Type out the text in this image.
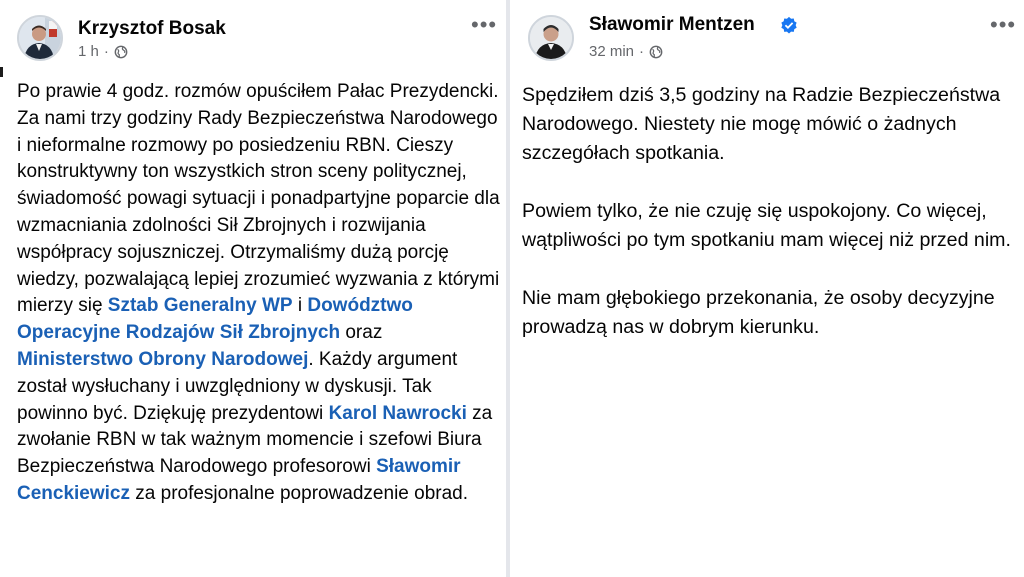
Krzysztof Bosak
1 h ·
•••
Po prawie 4 godz. rozmów opuściłem Pałac Prezydencki. Za nami trzy godziny Rady Bezpieczeństwa Narodowego i nieformalne rozmowy po posiedzeniu RBN. Cieszy konstruktywny ton wszystkich stron sceny politycznej, świadomość powagi sytuacji i ponadpartyjne poparcie dla wzmacniania zdolności Sił Zbrojnych i rozwijania współpracy sojuszniczej. Otrzymaliśmy dużą porcję wiedzy, pozwalającą lepiej zrozumieć wyzwania z którymi mierzy się Sztab Generalny WP i Dowództwo Operacyjne Rodzajów Sił Zbrojnych oraz Ministerstwo Obrony Narodowej. Każdy argument został wysłuchany i uwzględniony w dyskusji. Tak powinno być. Dziękuję prezydentowi Karol Nawrocki za zwołanie RBN w tak ważnym momencie i szefowi Biura Bezpieczeństwa Narodowego profesorowi Sławomir Cenckiewicz za profesjonalne poprowadzenie obrad.
Sławomir Mentzen
32 min ·
•••

Spędziłem dziś 3,5 godziny na Radzie Bezpieczeństwa Narodowego. Niestety nie mogę mówić o żadnych szczegółach spotkania.

Powiem tylko, że nie czuję się uspokojony. Co więcej, wątpliwości po tym spotkaniu mam więcej niż przed nim.

Nie mam głębokiego przekonania, że osoby decyzyjne prowadzą nas w dobrym kierunku.
